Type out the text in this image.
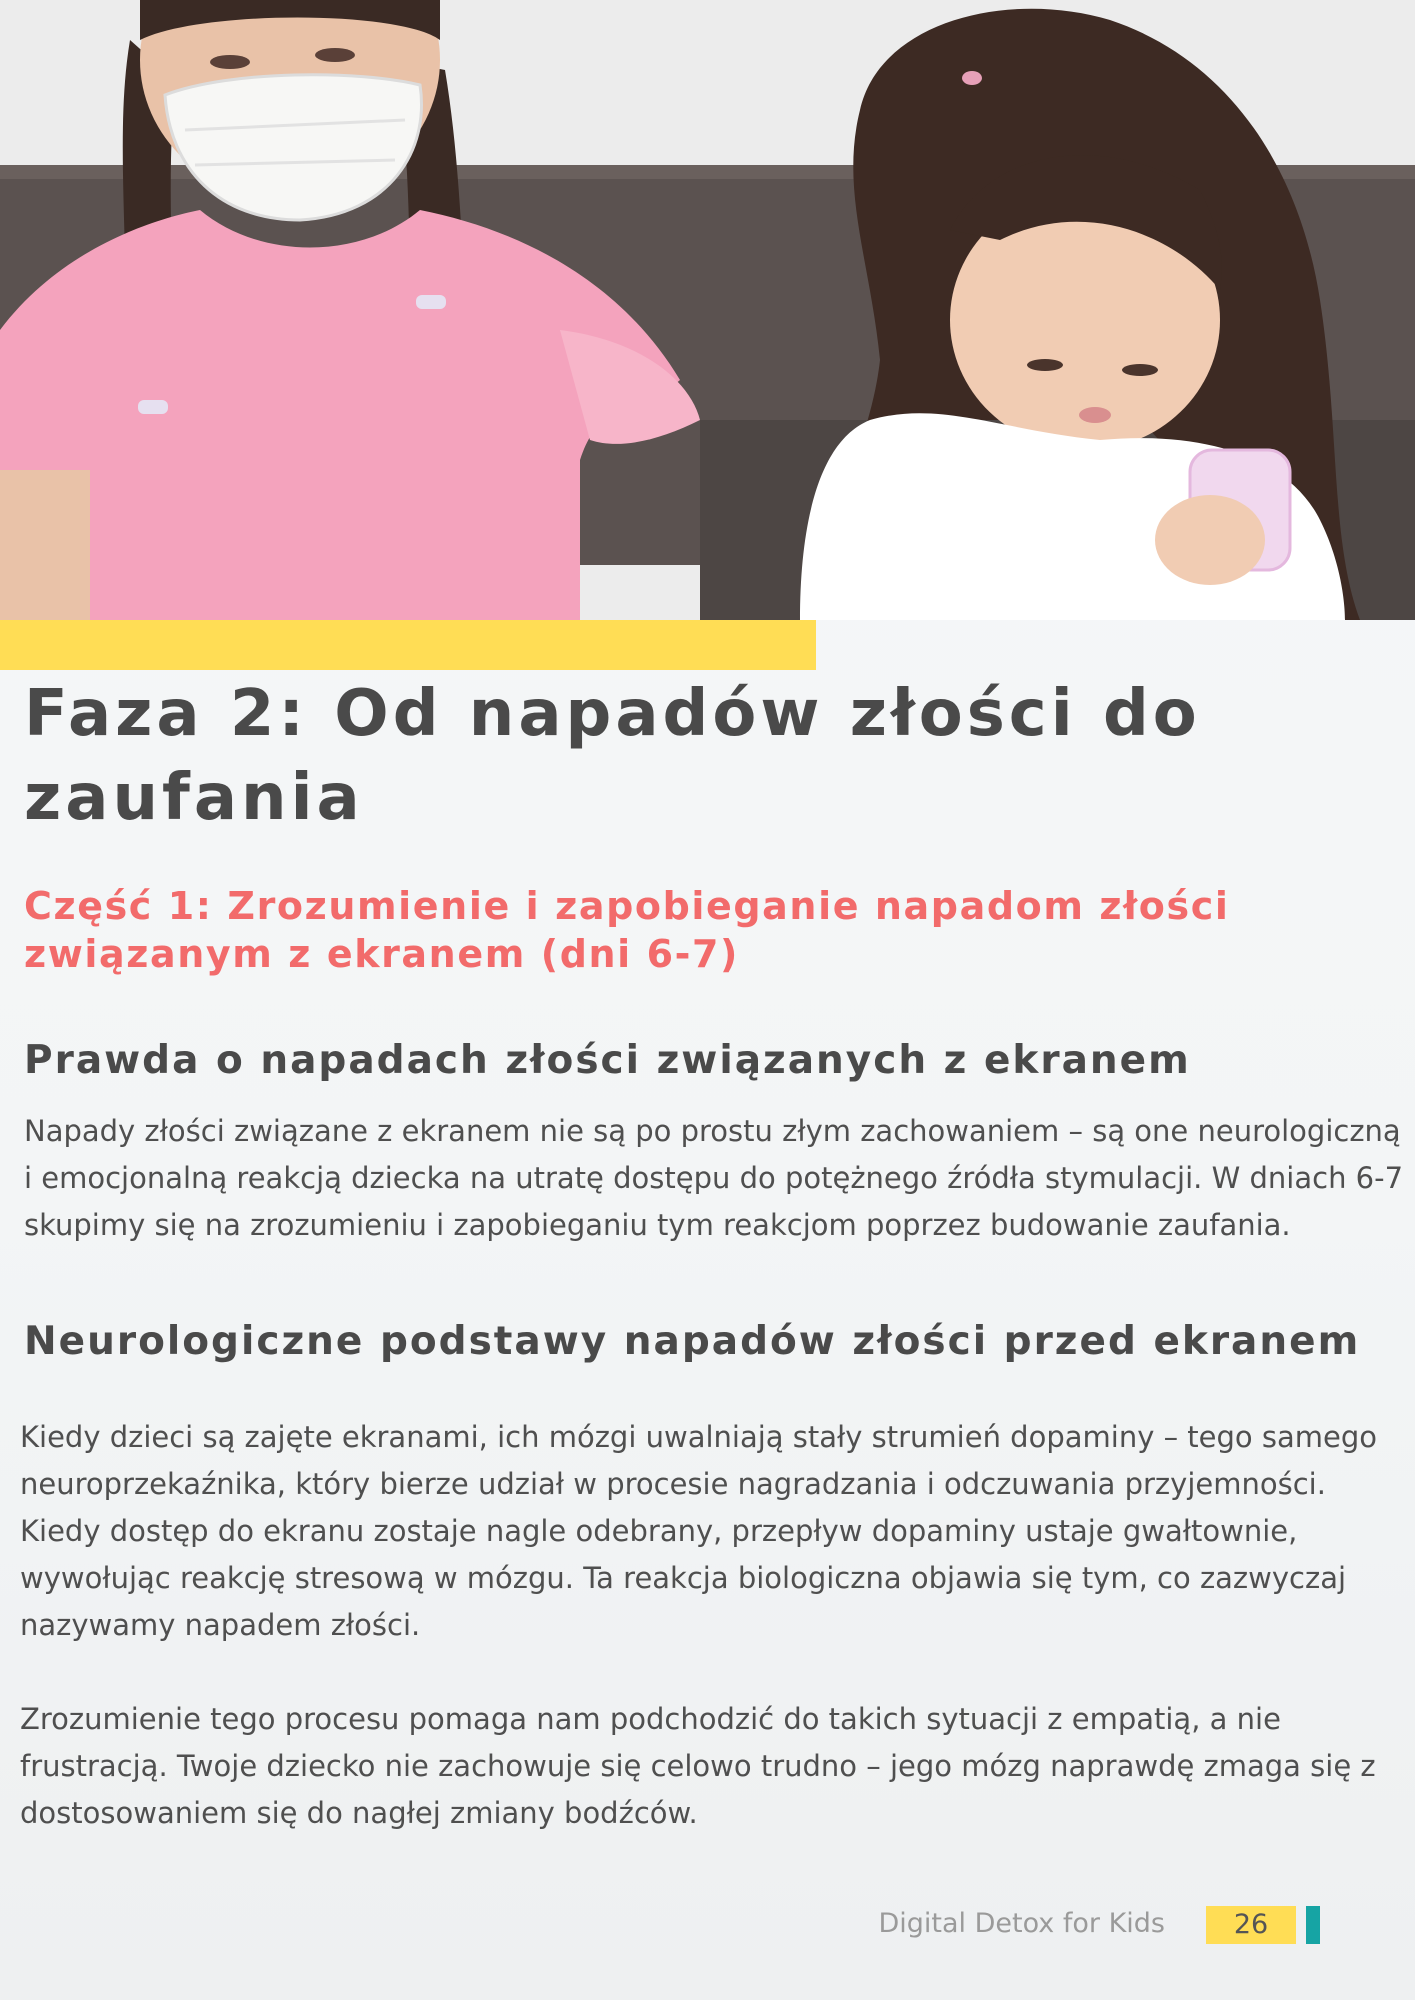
Faza 2: Od napadów złości do zaufania
Część 1: Zrozumienie i zapobieganie napadom złości związanym z ekranem (dni 6-7)
Prawda o napadach złości związanych z ekranem

Napady złości związane z ekranem nie są po prostu złym zachowaniem – są one neurologiczną i emocjonalną reakcją dziecka na utratę dostępu do potężnego źródła stymulacji. W dniach 6-7 skupimy się na zrozumieniu i zapobieganiu tym reakcjom poprzez budowanie zaufania.

Neurologiczne podstawy napadów złości przed ekranem

Kiedy dzieci są zajęte ekranami, ich mózgi uwalniają stały strumień dopaminy – tego samego neuroprzekaźnika, który bierze udział w procesie nagradzania i odczuwania przyjemności. Kiedy dostęp do ekranu zostaje nagle odebrany, przepływ dopaminy ustaje gwałtownie, wywołując reakcję stresową w mózgu. Ta reakcja biologiczna objawia się tym, co zazwyczaj nazywamy napadem złości.

Zrozumienie tego procesu pomaga nam podchodzić do takich sytuacji z empatią, a nie frustracją. Twoje dziecko nie zachowuje się celowo trudno – jego mózg naprawdę zmaga się z dostosowaniem się do nagłej zmiany bodźców.

Digital Detox for Kids	26
